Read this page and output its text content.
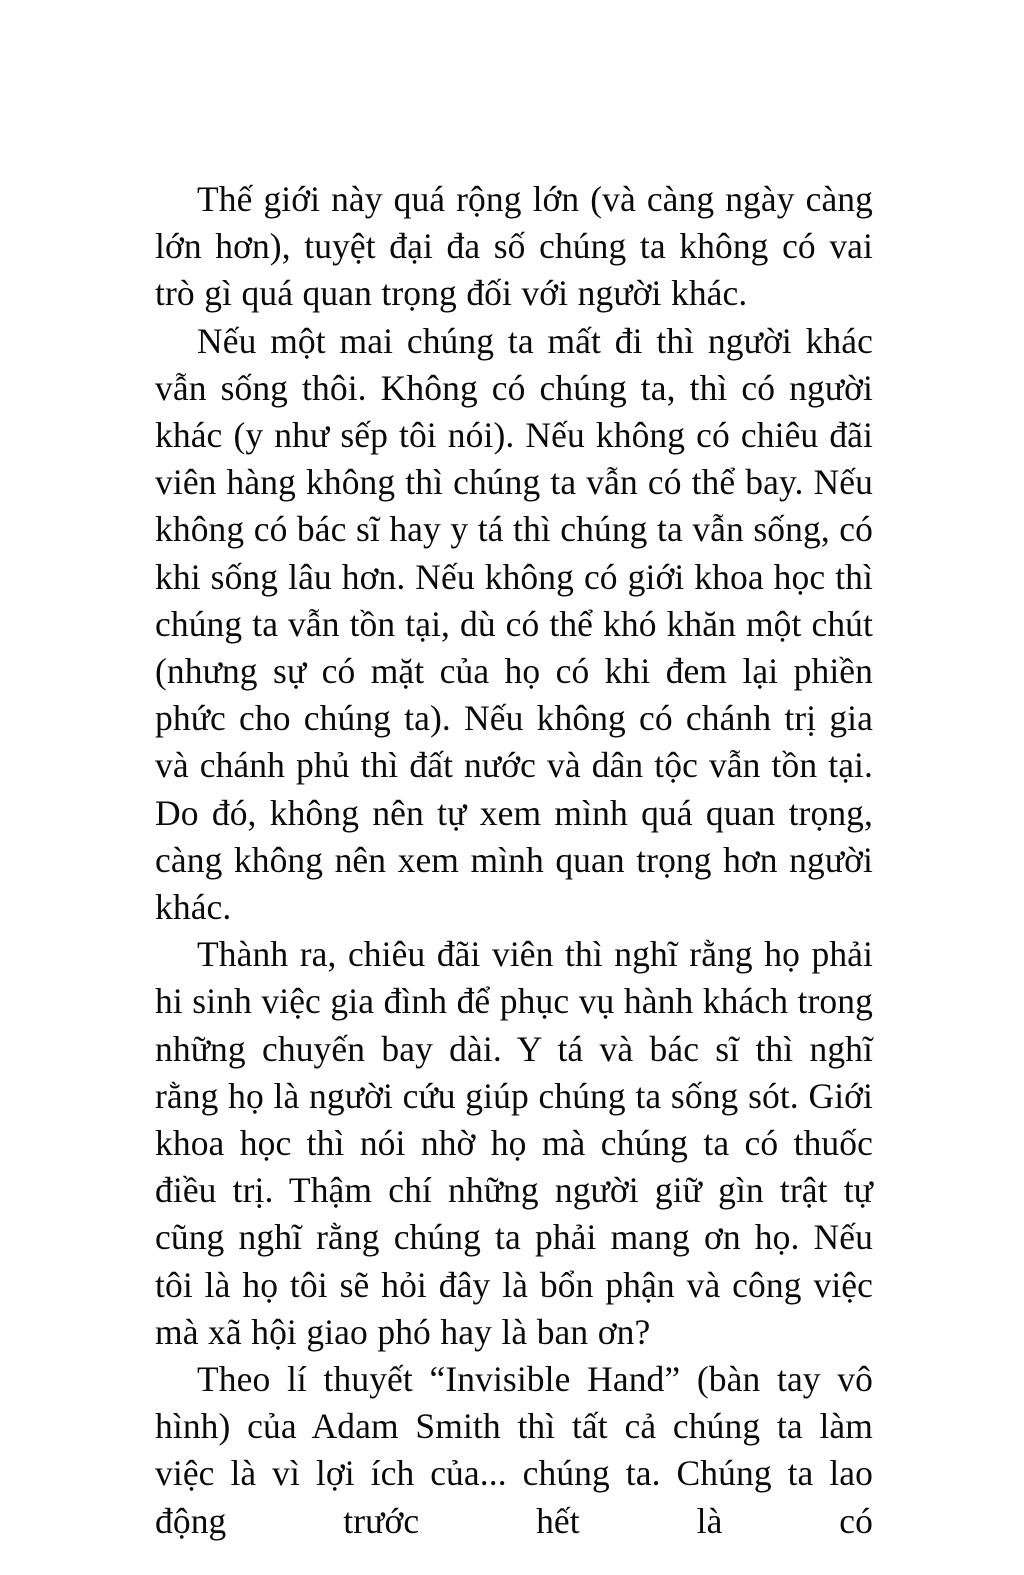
Thế giới này quá rộng lớn (và càng ngày càng lớn hơn), tuyệt đại đa số chúng ta không có vai trò gì quá quan trọng đối với người khác.

Nếu một mai chúng ta mất đi thì người khác vẫn sống thôi. Không có chúng ta, thì có người khác (y như sếp tôi nói). Nếu không có chiêu đãi viên hàng không thì chúng ta vẫn có thể bay. Nếu không có bác sĩ hay y tá thì chúng ta vẫn sống, có khi sống lâu hơn. Nếu không có giới khoa học thì chúng ta vẫn tồn tại, dù có thể khó khăn một chút (nhưng sự có mặt của họ có khi đem lại phiền phức cho chúng ta). Nếu không có chánh trị gia và chánh phủ thì đất nước và dân tộc vẫn tồn tại. Do đó, không nên tự xem mình quá quan trọng, càng không nên xem mình quan trọng hơn người khác.

Thành ra, chiêu đãi viên thì nghĩ rằng họ phải hi sinh việc gia đình để phục vụ hành khách trong những chuyến bay dài. Y tá và bác sĩ thì nghĩ rằng họ là người cứu giúp chúng ta sống sót. Giới khoa học thì nói nhờ họ mà chúng ta có thuốc điều trị. Thậm chí những người giữ gìn trật tự cũng nghĩ rằng chúng ta phải mang ơn họ. Nếu tôi là họ tôi sẽ hỏi đây là bổn phận và công việc mà xã hội giao phó hay là ban ơn?

Theo lí thuyết “Invisible Hand” (bàn tay vô hình) của Adam Smith thì tất cả chúng ta làm việc là vì lợi ích của... chúng ta. Chúng ta lao động trước hết là có
